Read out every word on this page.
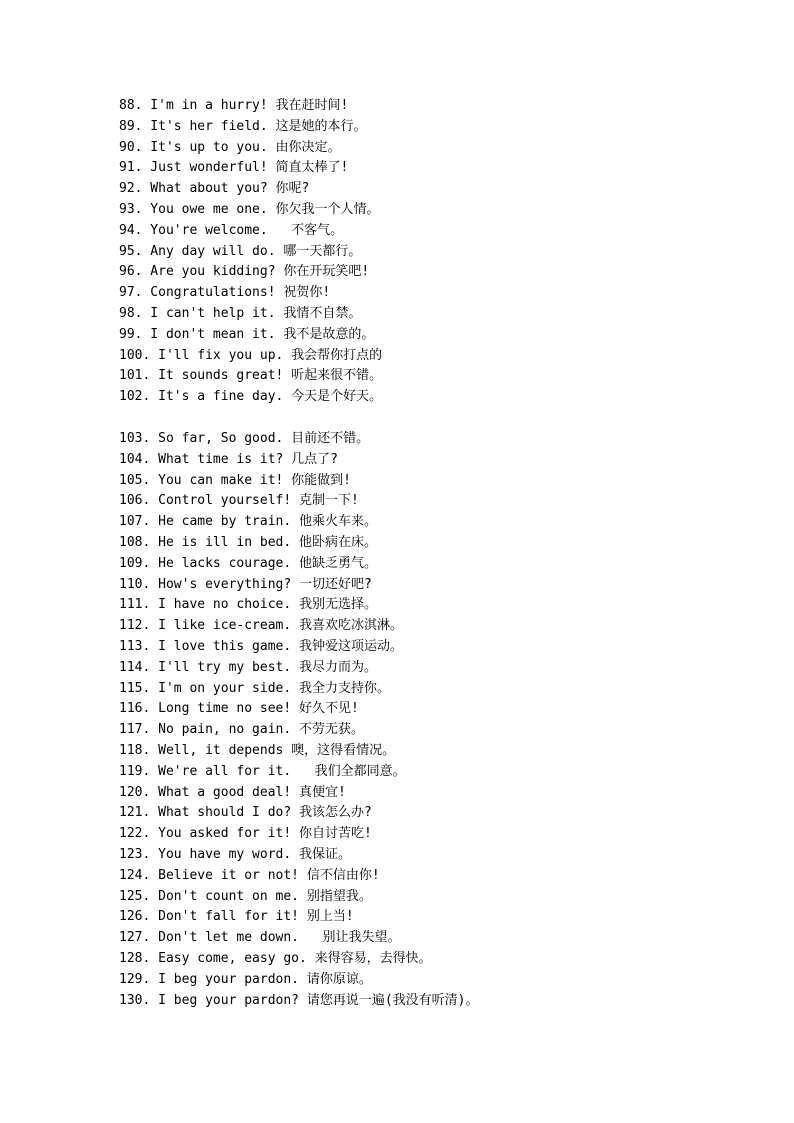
88. I'm in a hurry! 我在赶时间!
89. It's her field. 这是她的本行。
90. It's up to you. 由你决定。
91. Just wonderful! 简直太棒了!
92. What about you? 你呢?
93. You owe me one. 你欠我一个人情。
94. You're welcome.   不客气。
95. Any day will do. 哪一天都行。
96. Are you kidding? 你在开玩笑吧!
97. Congratulations! 祝贺你!
98. I can't help it. 我情不自禁。
99. I don't mean it. 我不是故意的。
100. I'll fix you up. 我会帮你打点的
101. It sounds great! 听起来很不错。
102. It's a fine day. 今天是个好天。
103. So far, So good. 目前还不错。
104. What time is it? 几点了?
105. You can make it! 你能做到!
106. Control yourself! 克制一下!
107. He came by train. 他乘火车来。
108. He is ill in bed. 他卧病在床。
109. He lacks courage. 他缺乏勇气。
110. How's everything? 一切还好吧?
111. I have no choice. 我别无选择。
112. I like ice-cream. 我喜欢吃冰淇淋。
113. I love this game. 我钟爱这项运动。
114. I'll try my best. 我尽力而为。
115. I'm on your side. 我全力支持你。
116. Long time no see! 好久不见!
117. No pain, no gain. 不劳无获。
118. Well, it depends 噢，这得看情况。
119. We're all for it.   我们全都同意。
120. What a good deal! 真便宜!
121. What should I do? 我该怎么办?
122. You asked for it! 你自讨苦吃!
123. You have my word. 我保证。
124. Believe it or not! 信不信由你!
125. Don't count on me. 别指望我。
126. Don't fall for it! 别上当!
127. Don't let me down.   别让我失望。
128. Easy come, easy go. 来得容易，去得快。
129. I beg your pardon. 请你原谅。
130. I beg your pardon? 请您再说一遍(我没有听清)。
